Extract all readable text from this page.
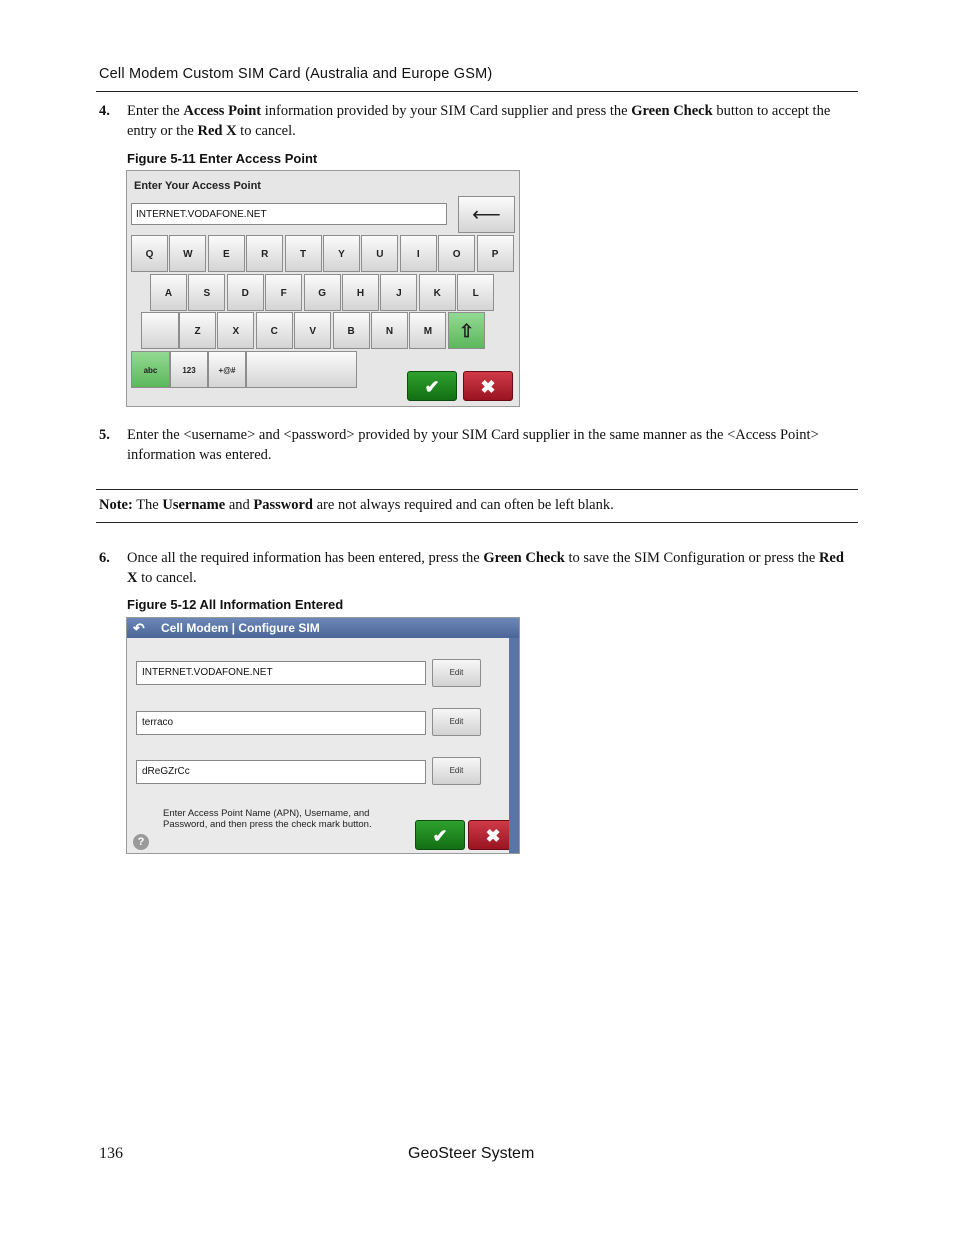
Cell Modem Custom SIM Card (Australia and Europe GSM)
4. Enter the Access Point information provided by your SIM Card supplier and press the Green Check button to accept the entry or the Red X to cancel.
Figure 5-11 Enter Access Point
Enter Your Access Point
INTERNET.VODAFONE.NET	⟵
Q	W	E	R	T	Y	U	I	O	P
A	S	D	F	G	H	J	K	L
Z	X	C	V	B	N	M	⇧
abc	123	+@#
✔	✖
5. Enter the <username> and <password> provided by your SIM Card supplier in the same manner as the <Access Point> information was entered.
Note: The Username and Password are not always required and can often be left blank.
6. Once all the required information has been entered, press the Green Check to save the SIM Configuration or press the Red X to cancel.
Figure 5-12 All Information Entered
↶	Cell Modem | Configure SIM
INTERNET.VODAFONE.NET	Edit
terraco	Edit
dReGZrCc	Edit
Enter Access Point Name (APN), Username, and Password, and then press the check mark button.
?	✔	✖
136	GeoSteer System
